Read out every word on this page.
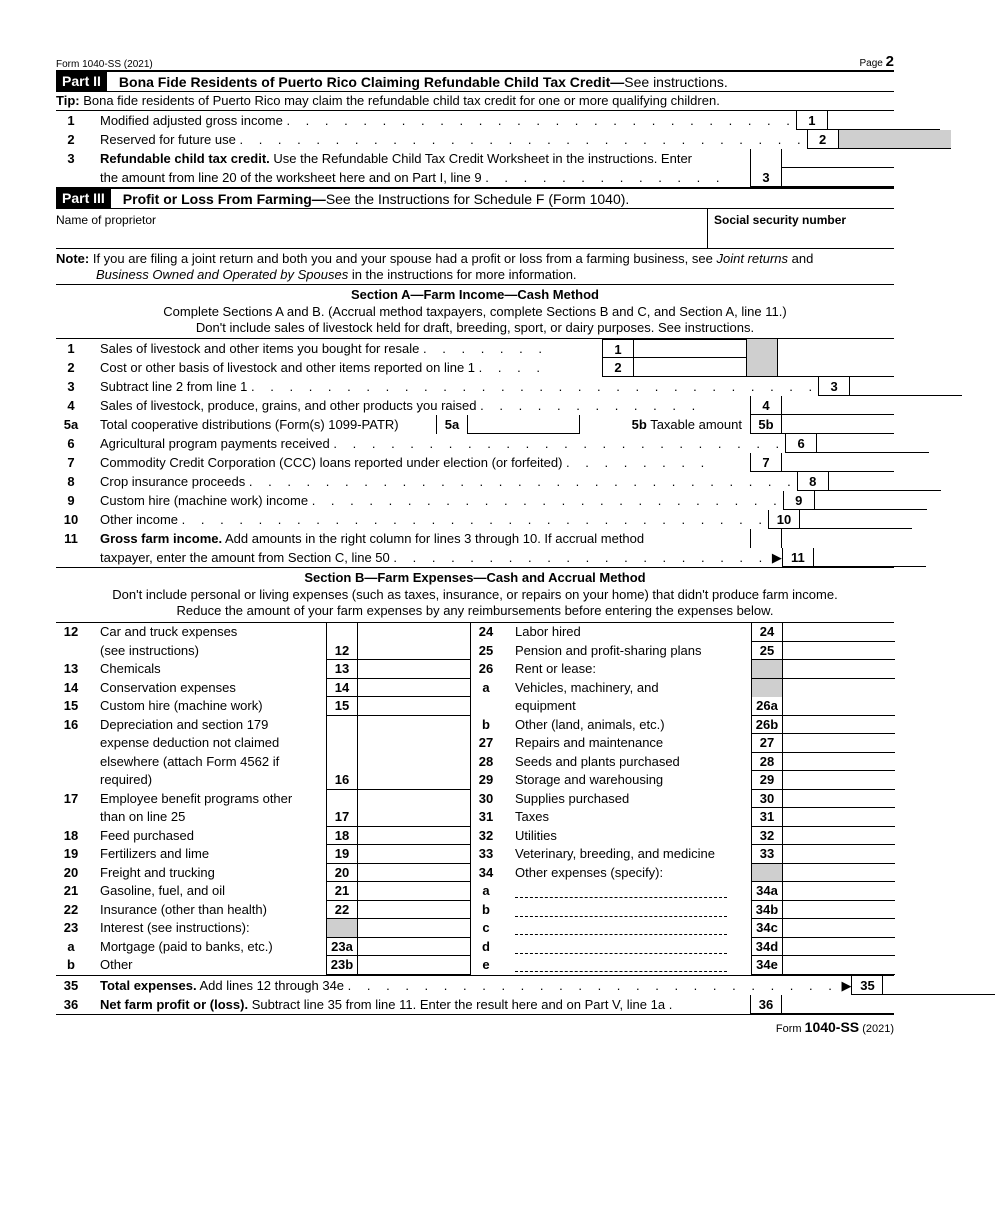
Form 1040-SS (2021)	Page 2
Part II	Bona Fide Residents of Puerto Rico Claiming Refundable Child Tax Credit— See instructions.
Tip: Bona fide residents of Puerto Rico may claim the refundable child tax credit for one or more qualifying children.
1	Modified adjusted gross income . . . . . . . . . . . . . . . . . . . . . . . . . . . 1
2	Reserved for future use . . . . . . . . . . . . . . . . . . . . . . . . . . . . . . 2
3	Refundable child tax credit. Use the Refundable Child Tax Credit Worksheet in the instructions. Enter
the amount from line 20 of the worksheet here and on Part I, line 9 . . . . . . . . . . . . .	3
Part III	Profit or Loss From Farming— See the Instructions for Schedule F (Form 1040).
Name of proprietor	Social security number
Note: If you are filing a joint return and both you and your spouse had a profit or loss from a farming business, see Joint returns and
Business Owned and Operated by Spouses in the instructions for more information.
Section A—Farm Income—Cash Method
Complete Sections A and B. (Accrual method taxpayers, complete Sections B and C, and Section A, line 11.)
Don't include sales of livestock held for draft, breeding, sport, or dairy purposes. See instructions.
1	Sales of livestock and other items you bought for resale . . . . . . .	1
2	Cost or other basis of livestock and other items reported on line 1 . . . .	2
3	Subtract line 2 from line 1 . . . . . . . . . . . . . . . . . . . . . . . . . . . . . . 3
4	Sales of livestock, produce, grains, and other products you raised . . . . . . . . . . . .	4
5a	Total cooperative distributions (Form(s) 1099-PATR)	5a	5b Taxable amount	5b
6	Agricultural program payments received . . . . . . . . . . . . . . . . . . . . . . . . 6
7	Commodity Credit Corporation (CCC) loans reported under election (or forfeited) . . . . . . . .	7
8	Crop insurance proceeds . . . . . . . . . . . . . . . . . . . . . . . . . . . . . 8
9	Custom hire (machine work) income . . . . . . . . . . . . . . . . . . . . . . . . . 9
10	Other income . . . . . . . . . . . . . . . . . . . . . . . . . . . . . . . 10
11	Gross farm income. Add amounts in the right column for lines 3 through 10. If accrual method
taxpayer, enter the amount from Section C, line 50 . . . . . . . . . . . . . . . . . . . . ▶ 11
Section B—Farm Expenses—Cash and Accrual Method
Don't include personal or living expenses (such as taxes, insurance, or repairs on your home) that didn't produce farm income.
Reduce the amount of your farm expenses by any reimbursements before entering the expenses below.
12	Car and truck expenses
(see instructions)	12
13	Chemicals	13
14	Conservation expenses	14
15	Custom hire (machine work)	15
16	Depreciation and section 179
expense deduction not claimed
elsewhere (attach Form 4562 if
required)	16
17	Employee benefit programs other
than on line 25	17
18	Feed purchased	18
19	Fertilizers and lime	19
20	Freight and trucking	20
21	Gasoline, fuel, and oil	21
22	Insurance (other than health)	22
23	Interest (see instructions):
a	Mortgage (paid to banks, etc.)	23a
b	Other	23b
24	Labor hired	24
25	Pension and profit-sharing plans	25
26	Rent or lease:
a	Vehicles, machinery, and
equipment	26a
b	Other (land, animals, etc.)	26b
27	Repairs and maintenance	27
28	Seeds and plants purchased	28
29	Storage and warehousing	29
30	Supplies purchased	30
31	Taxes	31
32	Utilities	32
33	Veterinary, breeding, and medicine	33
34	Other expenses (specify):
a	34a
b	34b
c	34c
d	34d
e	34e
35	Total expenses. Add lines 12 through 34e . . . . . . . . . . . . . . . . . . . . . . . . . . ▶ 35
36	Net farm profit or (loss). Subtract line 35 from line 11. Enter the result here and on Part V, line 1a .	36
Form 1040-SS (2021)
